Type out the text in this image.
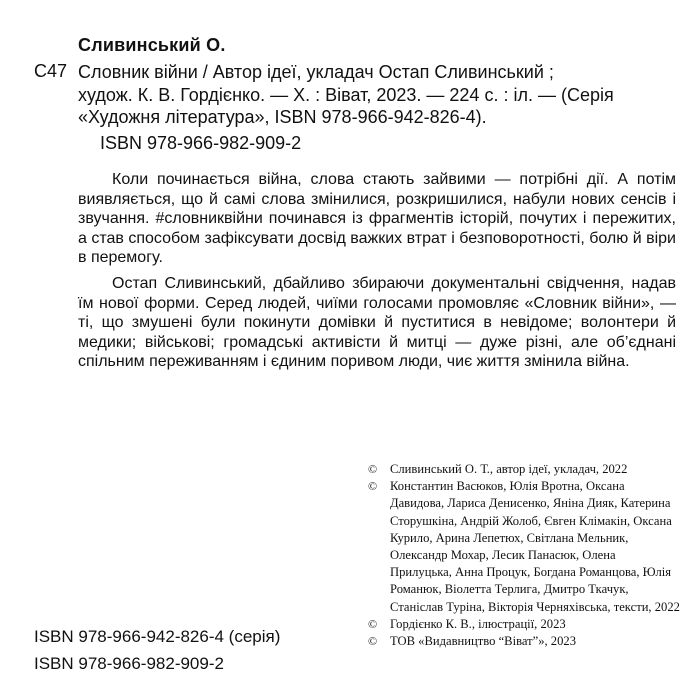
Сливинський О.
С47 Словник війни / Автор ідеї, укладач Остап Сливинський ;
худож. К. В. Гордієнко. — Х. : Віват, 2023. — 224 с. : іл. — (Серія
«Художня література», ISBN 978-966-942-826-4).
ISBN 978-966-982-909-2

Коли починається війна, слова стають зайвими — потрібні дії. А потім виявляється, що й самі слова змінилися, розкришилися, набули нових сенсів і звучання. #словниквійни починався із фрагментів історій, почутих і пережитих, а став способом зафіксувати досвід важких втрат і безповоротності, болю й віри в перемогу.

Остап Сливинський, дбайливо збираючи документальні свідчення, надав їм нової форми. Серед людей, чиїми голосами промовляє «Словник війни», — ті, що змушені були покинути домівки й пуститися в невідоме; волонтери й медики; військові; громадські активісти й митці — дуже різні, але об’єднані спільним переживанням і єдиним поривом люди, чиє життя змінила війна.

©	Сливинський О. Т., автор ідеї, укладач, 2022
©	Константин Васюков, Юлія Вротна, Оксана Давидова, Лариса Денисенко, Яніна Дияк, Катерина Сторушкіна, Андрій Жолоб, Євген Клімакін, Оксана Курило, Арина Лепетюх, Світлана Мельник, Олександр Мохар, Лесик Панасюк, Олена Прилуцька, Анна Процук, Богдана Романцова, Юлія Романюк, Віолетта Терлига, Дмитро Ткачук, Станіслав Туріна, Вікторія Черняхівська, тексти, 2022
©	Гордієнко К. В., ілюстрації, 2023
©	ТОВ «Видавництво “Віват”», 2023
ISBN 978-966-942-826-4 (серія)
ISBN 978-966-982-909-2
